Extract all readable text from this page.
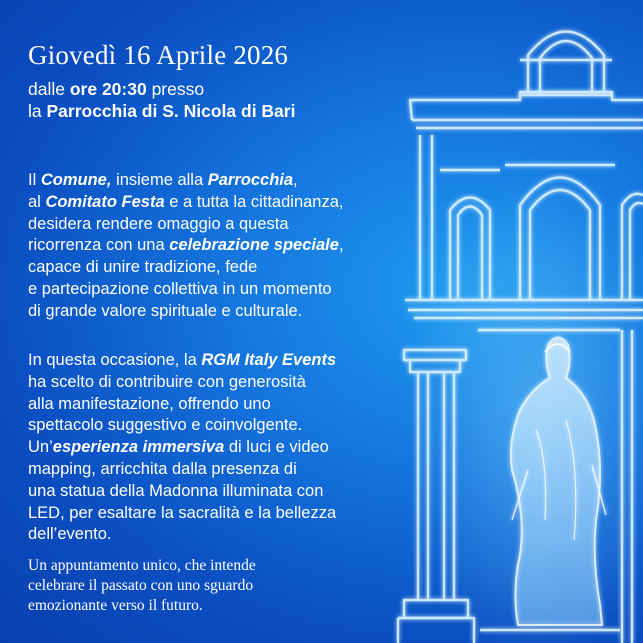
Giovedì 16 Aprile 2026
dalle ore 20:30 presso
la Parrocchia di S. Nicola di Bari
Il Comune, insieme alla Parrocchia,
al Comitato Festa e a tutta la cittadinanza,
desidera rendere omaggio a questa
ricorrenza con una celebrazione speciale,
capace di unire tradizione, fede
e partecipazione collettiva in un momento
di grande valore spirituale e culturale.
In questa occasione, la RGM Italy Events
ha scelto di contribuire con generosità
alla manifestazione, offrendo uno
spettacolo suggestivo e coinvolgente.
Un’esperienza immersiva di luci e video
mapping, arricchita dalla presenza di
una statua della Madonna illuminata con
LED, per esaltare la sacralità e la bellezza
dell’evento.
Un appuntamento unico, che intende
celebrare il passato con uno sguardo
emozionante verso il futuro.
